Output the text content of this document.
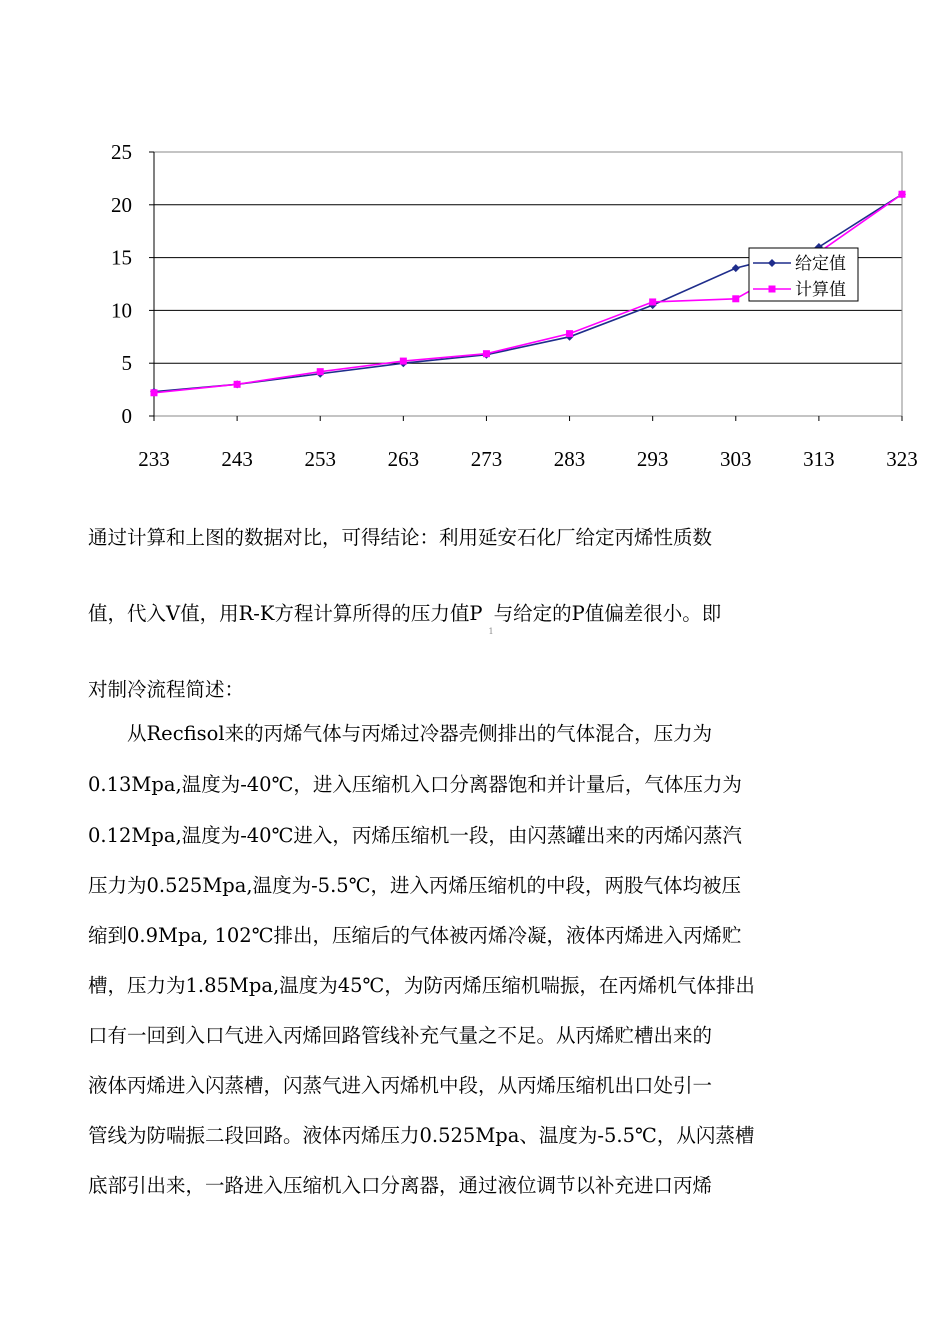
0
5
10
15
20
25
233 243 253 263 273 283 293 303 313 323
给定值
计算值
通过计算和上图的数据对比，可得结论：利用延安石化厂给定丙烯性质数
值，代入V值，用R-K方程计算所得的压力值$P_1$与给定的P值偏差很小。即
对制冷流程简述：
　　从Recfisol来的丙烯气体与丙烯过冷器壳侧排出的气体混合，压力为
0.13Mpa,温度为-40℃，进入压缩机入口分离器饱和并计量后，气体压力为
0.12Mpa,温度为-40℃进入，丙烯压缩机一段，由闪蒸罐出来的丙烯闪蒸汽
压力为0.525Mpa,温度为-5.5℃，进入丙烯压缩机的中段，两股气体均被压
缩到0.9Mpa, 102℃排出，压缩后的气体被丙烯冷凝，液体丙烯进入丙烯贮
槽，压力为1.85Mpa,温度为45℃，为防丙烯压缩机喘振，在丙烯机气体排出
口有一回到入口气进入丙烯回路管线补充气量之不足。从丙烯贮槽出来的
液体丙烯进入闪蒸槽，闪蒸气进入丙烯机中段，从丙烯压缩机出口处引一
管线为防喘振二段回路。液体丙烯压力0.525Mpa、温度为-5.5℃，从闪蒸槽
底部引出来，一路进入压缩机入口分离器，通过液位调节以补充进口丙烯
